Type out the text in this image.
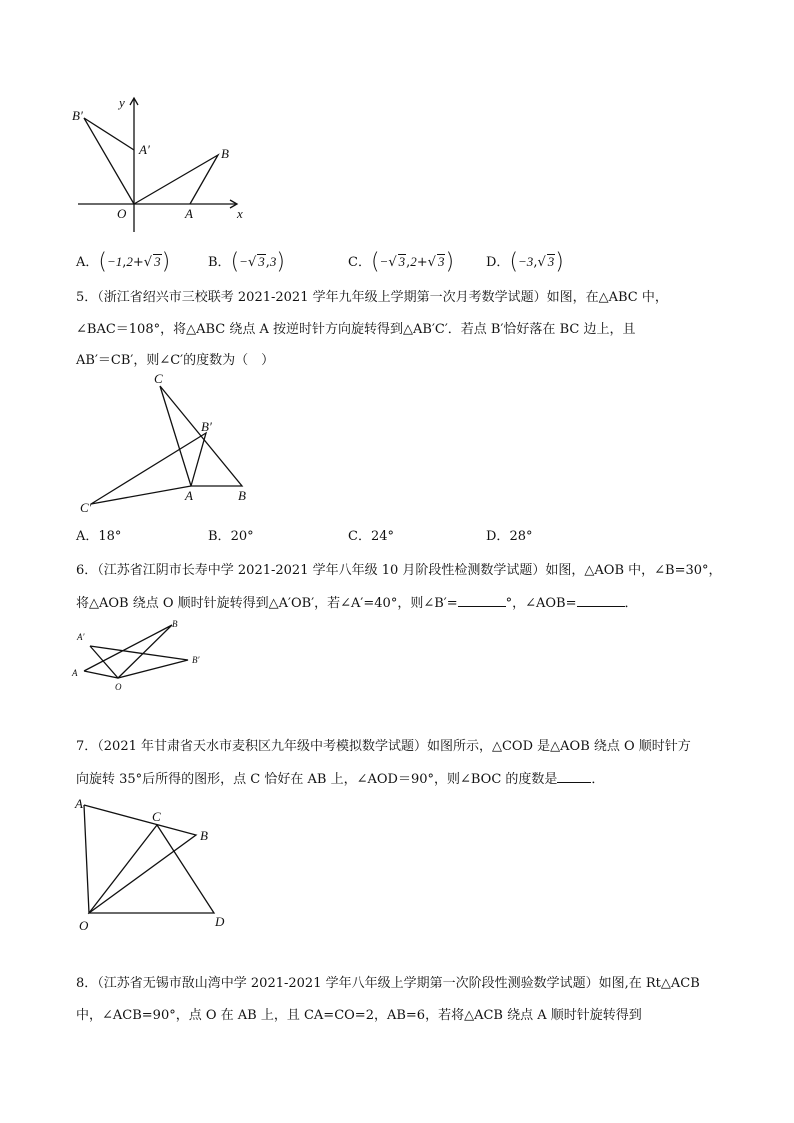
B′
y
A′	B
O	A	x
A．(−1,2+√ 3)	B．(−√ 3,3)	C．(−√ 3,2+√ 3) D．(−3,√ 3)
5．（浙江省绍兴市三校联考 2021-2021 学年九年级上学期第一次月考数学试题）如图，在△ABC 中，
∠BAC＝108°，将△ABC 绕点 A 按逆时针方向旋转得到△AB′C′．若点 B′恰好落在 BC 边上，且
AB′＝CB′，则∠C′的度数为（　）
C
B′
C′
A	B
A．18°	B．20°	C．24°	D．28°
6．（江苏省江阴市长寿中学 2021-2021 学年八年级 10 月阶段性检测数学试题）如图，△AOB 中，∠B=30°，
将△AOB 绕点 O 顺时针旋转得到△A′OB′，若∠A′=40°，则∠B′=	°，∠AOB=	．
A′
B
B′
A
O
7．（2021 年甘肃省天水市麦积区九年级中考模拟数学试题）如图所示，△COD 是△AOB 绕点 O 顺时针方
向旋转 35°后所得的图形，点 C 恰好在 AB 上，∠AOD＝90°，则∠BOC 的度数是	．
A
C
B
O	D
8．（江苏省无锡市敔山湾中学 2021-2021 学年八年级上学期第一次阶段性测验数学试题）如图,在 Rt△ACB
中，∠ACB=90°，点 O 在 AB 上，且 CA=CO=2，AB=6，若将△ACB 绕点 A 顺时针旋转得到
